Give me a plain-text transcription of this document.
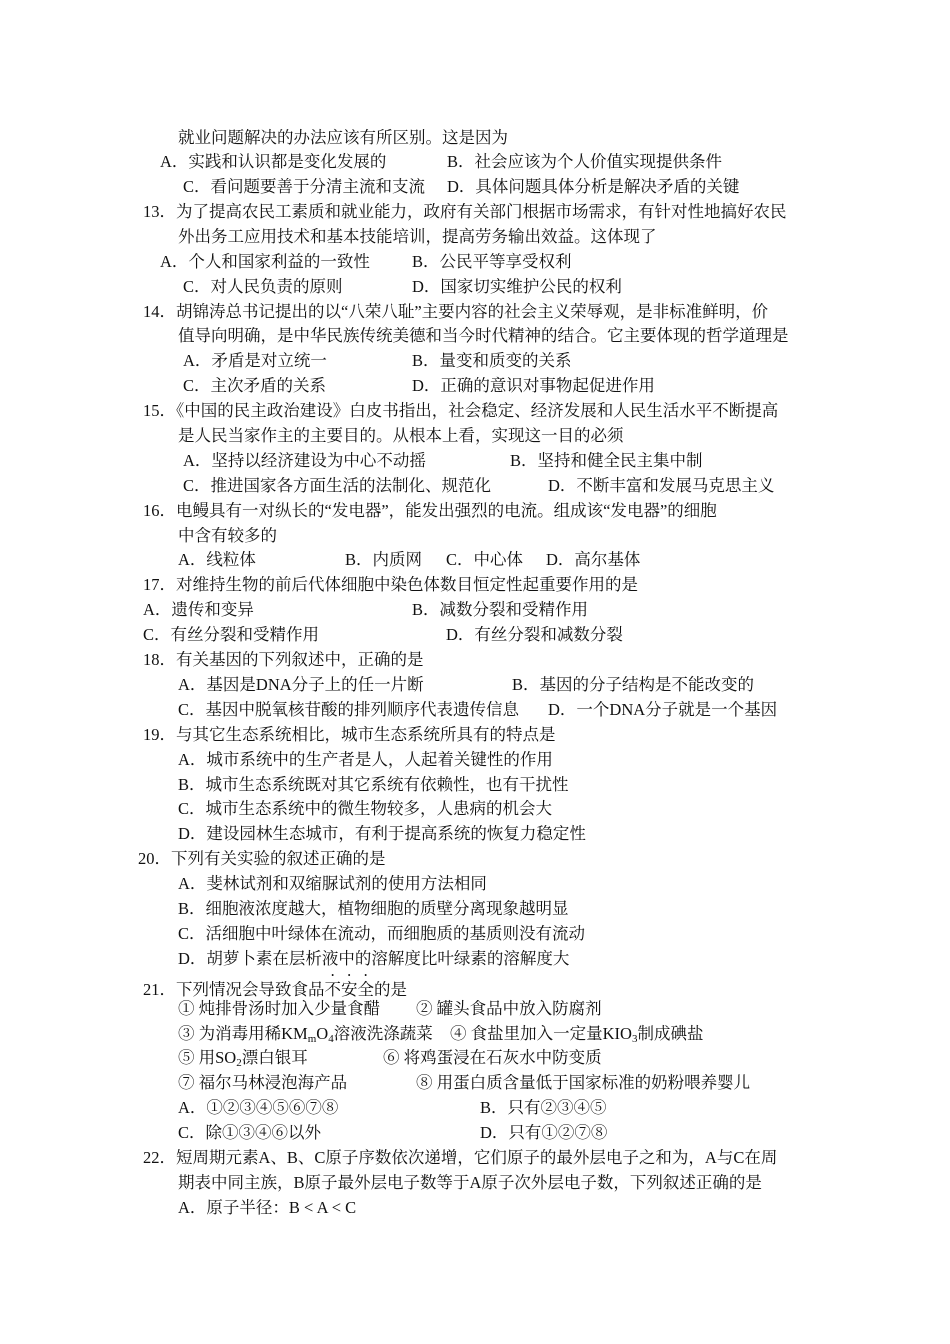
就业问题解决的办法应该有所区别。这是因为
A．实践和认识都是变化发展的	B．社会应该为个人价值实现提供条件
C．看问题要善于分清主流和支流 D．具体问题具体分析是解决矛盾的关键
13．为了提高农民工素质和就业能力，政府有关部门根据市场需求，有针对性地搞好农民
外出务工应用技术和基本技能培训，提高劳务输出效益。这体现了
A．个人和国家利益的一致性	B．公民平等享受权利
C．对人民负责的原则	D．国家切实维护公民的权利
14．胡锦涛总书记提出的以“八荣八耻”主要内容的社会主义荣辱观，是非标准鲜明，价
值导向明确，是中华民族传统美德和当今时代精神的结合。它主要体现的哲学道理是
A．矛盾是对立统一	B．量变和质变的关系
C．主次矛盾的关系	D．正确的意识对事物起促进作用
15．《中国的民主政治建设》白皮书指出，社会稳定、经济发展和人民生活水平不断提高
是人民当家作主的主要目的。从根本上看，实现这一目的必须
A．坚持以经济建设为中心不动摇	B．坚持和健全民主集中制
C．推进国家各方面生活的法制化、规范化	D．不断丰富和发展马克思主义
16．电鳗具有一对纵长的“发电器”，能发出强烈的电流。组成该“发电器”的细胞
中含有较多的
A．线粒体	B．内质网 C．中心体 D．高尔基体
17．对维持生物的前后代体细胞中染色体数目恒定性起重要作用的是
A．遗传和变异	B．减数分裂和受精作用
C．有丝分裂和受精作用	D．有丝分裂和减数分裂
18．有关基因的下列叙述中，正确的是
A．基因是DNA分子上的任一片断	B．基因的分子结构是不能改变的
C．基因中脱氧核苷酸的排列顺序代表遗传信息 D．一个DNA分子就是一个基因
19．与其它生态系统相比，城市生态系统所具有的特点是
A．城市系统中的生产者是人，人起着关键性的作用
B．城市生态系统既对其它系统有依赖性，也有干扰性
C．城市生态系统中的微生物较多，人患病的机会大
D．建设园林生态城市，有利于提高系统的恢复力稳定性
20．下列有关实验的叙述正确的是
A．斐林试剂和双缩脲试剂的使用方法相同
B．细胞液浓度越大，植物细胞的质壁分离现象越明显
C．活细胞中叶绿体在流动，而细胞质的基质则没有流动
D．胡萝卜素在层析液中的溶解度比叶绿素的溶解度大
21．下列情况会导致食品不安全的是
① 炖排骨汤时加入少量食醋 ② 罐头食品中放入防腐剂
③ 为消毒用稀$KM_mO_4$溶液洗涤蔬菜 ④ 食盐里加入一定量$KIO_3$制成碘盐
⑤ 用$SO_2$漂白银耳	⑥ 将鸡蛋浸在石灰水中防变质
⑦ 福尔马林浸泡海产品	⑧ 用蛋白质含量低于国家标准的奶粉喂养婴儿
A．①②③④⑤⑥⑦⑧	B．只有②③④⑤
C．除①③④⑥以外	D．只有①②⑦⑧
22．短周期元素A、B、C原子序数依次递增，它们原子的最外层电子之和为，A与C在周
期表中同主族，B原子最外层电子数等于A原子次外层电子数，下列叙述正确的是
A．原子半径：B < A < C
